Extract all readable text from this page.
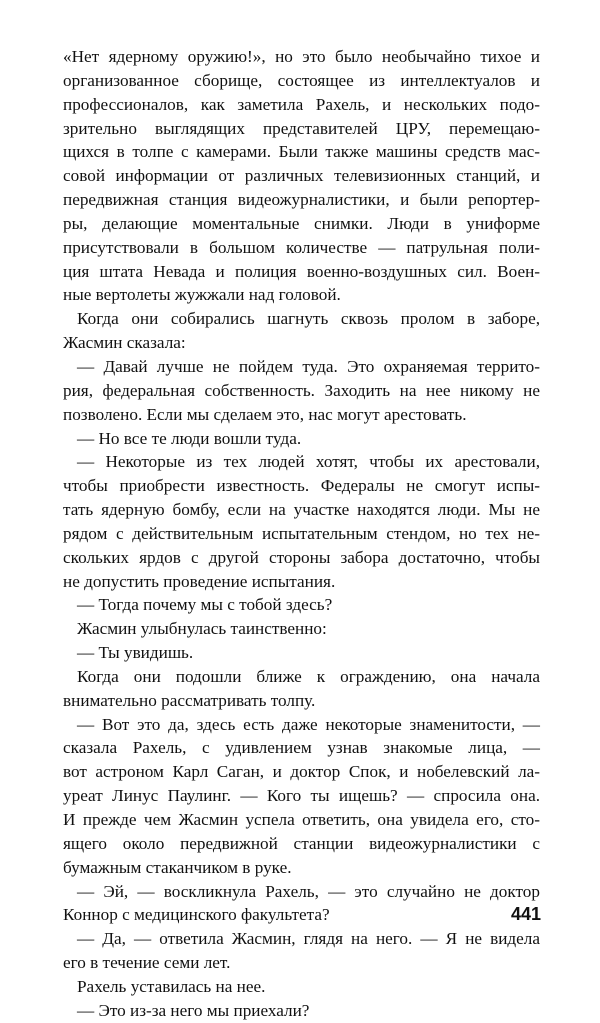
«Нет ядерному оружию!», но это было необычайно тихое и
организованное сборище, состоящее из интеллектуалов и
профессионалов, как заметила Рахель, и нескольких подо-
зрительно выглядящих представителей ЦРУ, перемещаю-
щихся в толпе с камерами. Были также машины средств мас-
совой информации от различных телевизионных станций, и
передвижная станция видеожурналистики, и были репортер-
ры, делающие моментальные снимки. Люди в униформе
присутствовали в большом количестве — патрульная поли-
ция штата Невада и полиция военно-воздушных сил. Воен-
ные вертолеты жужжали над головой.
Когда они собирались шагнуть сквозь пролом в заборе,
Жасмин сказала:
— Давай лучше не пойдем туда. Это охраняемая террито-
рия, федеральная собственность. Заходить на нее никому не
позволено. Если мы сделаем это, нас могут арестовать.
— Но все те люди вошли туда.
— Некоторые из тех людей хотят, чтобы их арестовали,
чтобы приобрести известность. Федералы не смогут испы-
тать ядерную бомбу, если на участке находятся люди. Мы не
рядом с действительным испытательным стендом, но тех не-
скольких ярдов с другой стороны забора достаточно, чтобы
не допустить проведение испытания.
— Тогда почему мы с тобой здесь?
Жасмин улыбнулась таинственно:
— Ты увидишь.
Когда они подошли ближе к ограждению, она начала
внимательно рассматривать толпу.
— Вот это да, здесь есть даже некоторые знаменитости, —
сказала Рахель, с удивлением узнав знакомые лица, —
вот астроном Карл Саган, и доктор Спок, и нобелевский ла-
уреат Линус Паулинг. — Кого ты ищешь? — спросила она.
И прежде чем Жасмин успела ответить, она увидела его, сто-
ящего около передвижной станции видеожурналистики с
бумажным стаканчиком в руке.
— Эй, — воскликнула Рахель, — это случайно не доктор
Коннор с медицинского факультета?
— Да, — ответила Жасмин, глядя на него. — Я не видела
его в течение семи лет.
Рахель уставилась на нее.
— Это из-за него мы приехали?
441
